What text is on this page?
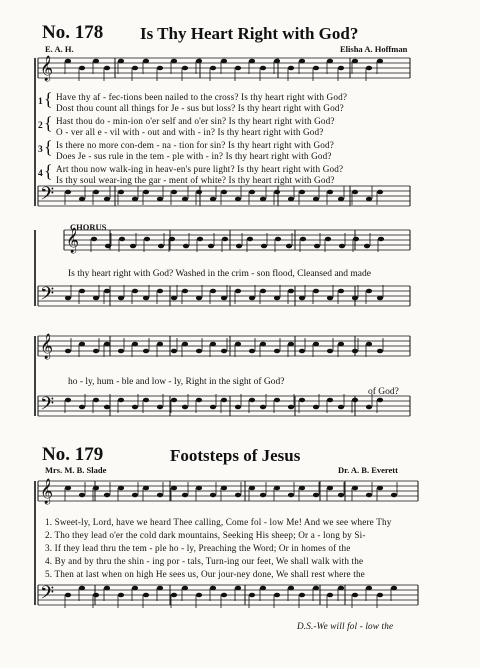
𝄞
𝄢
𝄞
𝄢
𝄞
𝄢
𝄞
𝄢
No. 178 Is Thy Heart Right with God?
E. A. H.	Elisha A. Hoffman
1 { Have thy af - fec-tions been nailed to the cross? Is thy heart right with God?
Dost thou count all things for Je - sus but loss? Is thy heart right with God?
2 { Hast thou do - min-ion o'er self and o'er sin? Is thy heart right with God?
O - ver all e - vil with - out and with - in? Is thy heart right with God?
3 { Is there no more con-dem - na - tion for sin? Is thy heart right with God?
Does Je - sus rule in the tem - ple with - in? Is thy heart right with God?
4 { Art thou now walk-ing in heav-en's pure light? Is thy heart right with God?
Is thy soul wear-ing the gar - ment of white? Is thy heart right with God?
CHORUS
Is thy heart right with God? Washed in the crim - son flood, Cleansed and made
ho - ly, hum - ble and low - ly, Right in the sight of God?
of God?
No. 179	Footsteps of Jesus
Mrs. M. B. Slade	Dr. A. B. Everett
1. Sweet-ly, Lord, have we heard Thee calling, Come fol - low Me! And we see where Thy
2. Tho they lead o'er the cold dark mountains, Seeking His sheep; Or a - long by Si-
3. If they lead thru the tem - ple ho - ly, Preaching the Word; Or in homes of the
4. By and by thru the shin - ing por - tals, Turn-ing our feet, We shall walk with the
5. Then at last when on high He sees us, Our jour-ney done, We shall rest where the
D.S.-We will fol - low the
